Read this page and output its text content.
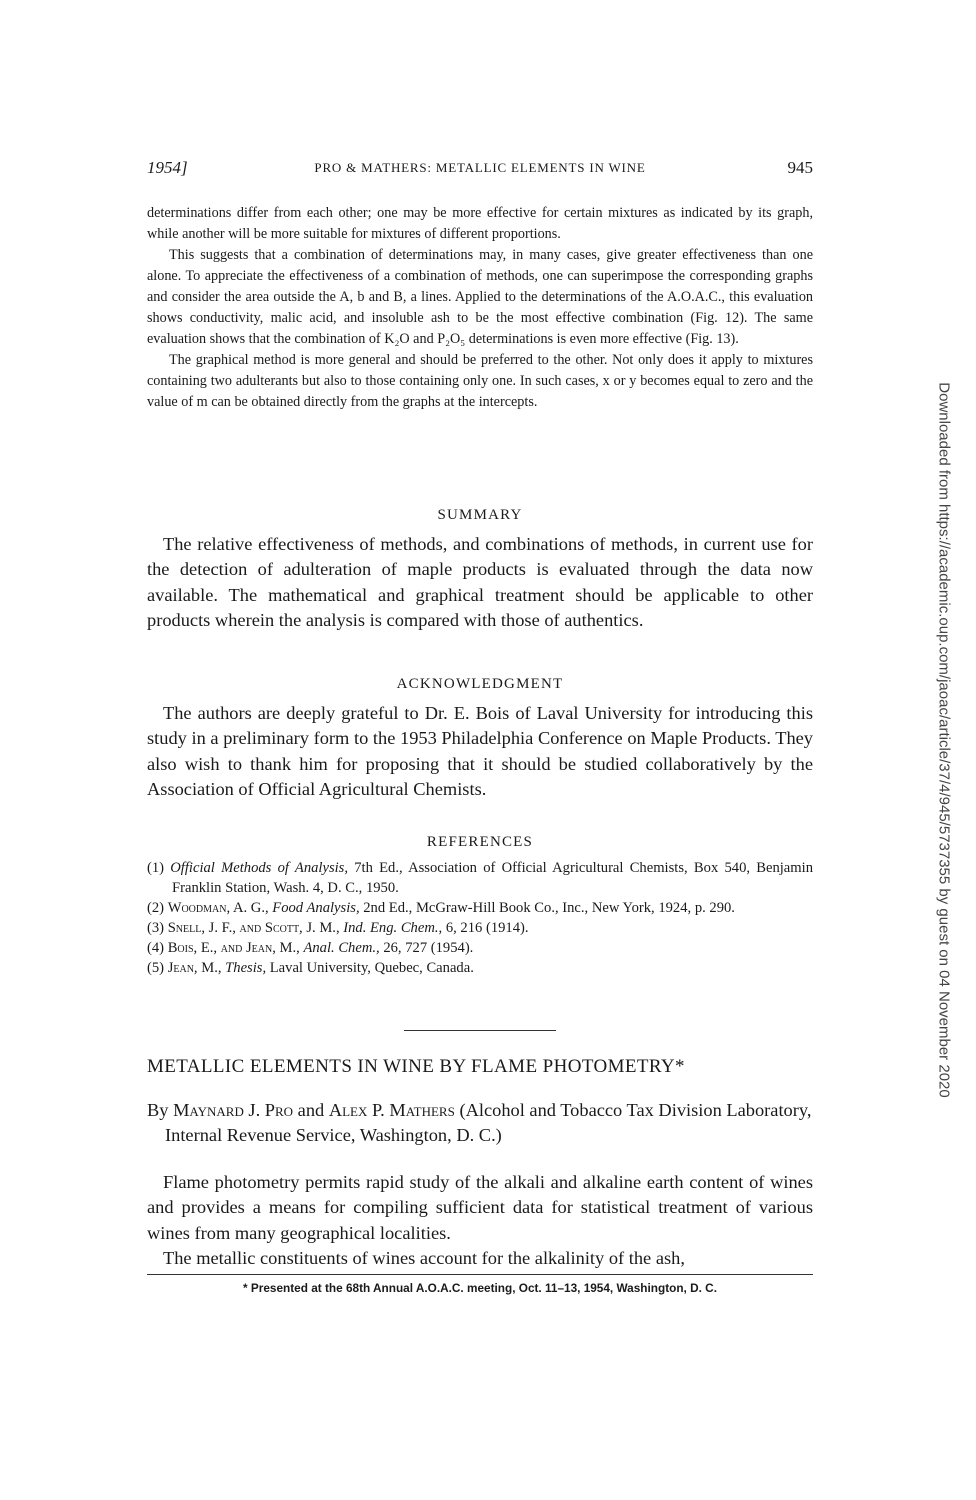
1954]	PRO & MATHERS: METALLIC ELEMENTS IN WINE	945

determinations differ from each other; one may be more effective for certain mixtures as indicated by its graph, while another will be more suitable for mixtures of different proportions.

This suggests that a combination of determinations may, in many cases, give greater effectiveness than one alone. To appreciate the effectiveness of a combination of methods, one can superimpose the corresponding graphs and consider the area outside the A, b and B, a lines. Applied to the determinations of the A.O.A.C., this evaluation shows conductivity, malic acid, and insoluble ash to be the most effective combination (Fig. 12). The same evaluation shows that the combination of K₂O and P₂O₅ determinations is even more effective (Fig. 13).

The graphical method is more general and should be preferred to the other. Not only does it apply to mixtures containing two adulterants but also to those containing only one. In such cases, x or y becomes equal to zero and the value of m can be obtained directly from the graphs at the intercepts.

SUMMARY

The relative effectiveness of methods, and combinations of methods, in current use for the detection of adulteration of maple products is evaluated through the data now available. The mathematical and graphical treatment should be applicable to other products wherein the analysis is compared with those of authentics.

ACKNOWLEDGMENT

The authors are deeply grateful to Dr. E. Bois of Laval University for introducing this study in a preliminary form to the 1953 Philadelphia Conference on Maple Products. They also wish to thank him for proposing that it should be studied collaboratively by the Association of Official Agricultural Chemists.

REFERENCES

(1) Official Methods of Analysis, 7th Ed., Association of Official Agricultural Chemists, Box 540, Benjamin Franklin Station, Wash. 4, D. C., 1950.
(2) Woodman, A. G., Food Analysis, 2nd Ed., McGraw-Hill Book Co., Inc., New York, 1924, p. 290.
(3) Snell, J. F., and Scott, J. M., Ind. Eng. Chem., 6, 216 (1914).
(4) Bois, E., and Jean, M., Anal. Chem., 26, 727 (1954).
(5) Jean, M., Thesis, Laval University, Quebec, Canada.

METALLIC ELEMENTS IN WINE BY FLAME PHOTOMETRY*

By Maynard J. Pro and Alex P. Mathers (Alcohol and Tobacco Tax Division Laboratory, Internal Revenue Service, Washington, D. C.)

Flame photometry permits rapid study of the alkali and alkaline earth content of wines and provides a means for compiling sufficient data for statistical treatment of various wines from many geographical localities.

The metallic constituents of wines account for the alkalinity of the ash,

* Presented at the 68th Annual A.O.A.C. meeting, Oct. 11–13, 1954, Washington, D. C.

Downloaded from https://academic.oup.com/jaoac/article/37/4/945/5737355 by guest on 04 November 2020
